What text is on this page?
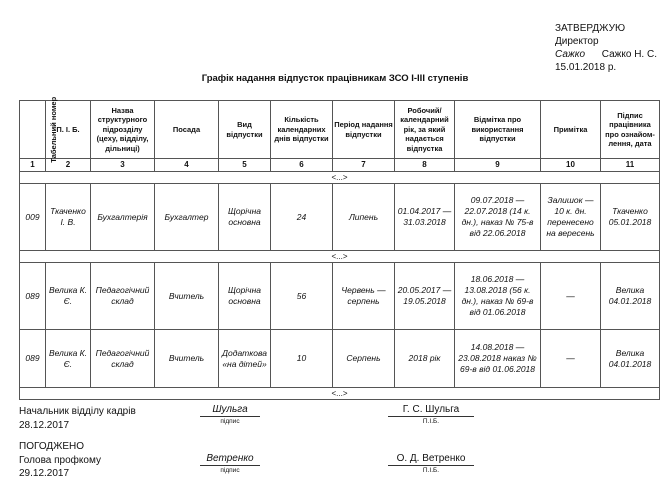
ЗАТВЕРДЖУЮ
Директор
Сажко Сажко Н. С.
15.01.2018 р.
Графік надання відпусток працівникам ЗСО І-ІІІ ступенів
Табельний номер	П. І. Б.	Назва структурного підрозділу (цеху, відділу, дільниці)	Посада	Вид відпустки	Кількість календарних днів відпустки	Період надання відпустки	Робочий/ календарний рік, за який надається відпустка	Відмітка про використання відпустки	Примітка	Підпис працівника про ознайом- лення, дата
1	2	3	4	5	6	7	8	9	10	11
<...>										
009	Ткаченко І. В.	Бухгалтерія	Бухгалтер	Щорічна основна	24	Липень	01.04.2017 — 31.03.2018	09.07.2018 — 22.07.2018 (14 к. дн.), наказ № 75-в від 22.06.2018	Залишок — 10 к. дн. перенесено на вересень	Ткаченко 05.01.2018
<...>										
089	Велика К. Є.	Педагогічний склад	Вчитель	Щорічна основна	56	Червень — серпень	20.05.2017 — 19.05.2018	18.06.2018 — 13.08.2018 (56 к. дн.), наказ № 69-в від 01.06.2018	—	Велика 04.01.2018
089	Велика К. Є.	Педагогічний склад	Вчитель	Додаткова «на дітей»	10	Серпень	2018 рік	14.08.2018 — 23.08.2018 наказ № 69-в від 01.06.2018	—	Велика 04.01.2018
<...>										
Начальник відділу кадрів
28.12.2017
Шульга
підпис
Г. С. Шульга
П.І.Б.
ПОГОДЖЕНО
Голова профкому
29.12.2017
Ветренко
підпис
О. Д. Ветренко
П.І.Б.
